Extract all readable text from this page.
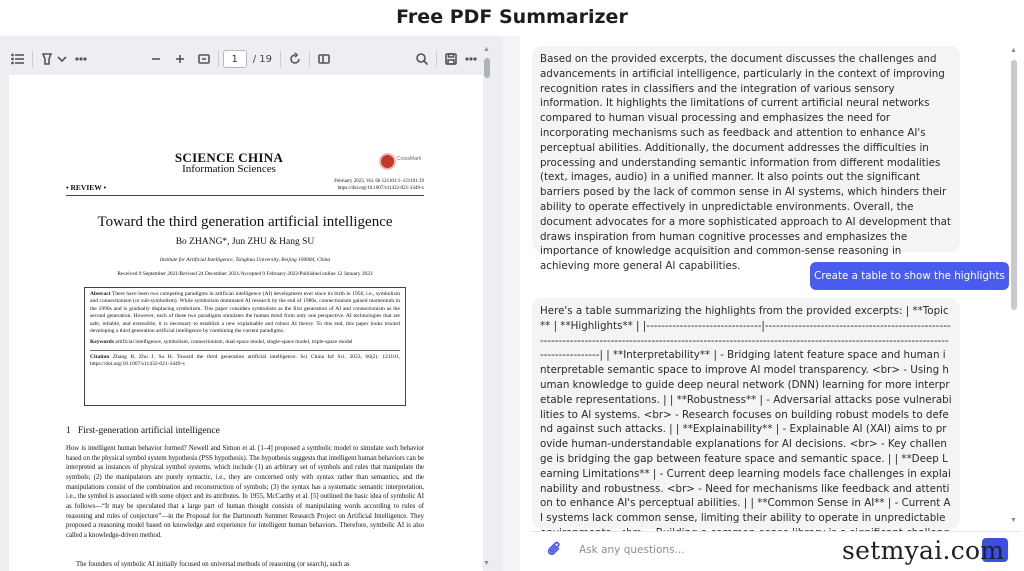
Free PDF Summarizer
1	/ 19
SCIENCE CHINA
Information Sciences
CrossMark
• REVIEW •
February 2023, Vol. 66 121101:1–121101:19
https://doi.org/10.1007/s11432-021-3449-x
Toward the third generation artificial intelligence
Bo ZHANG*, Jun ZHU & Hang SU
Institute for Artificial Intelligence, Tsinghua University, Beijing 100084, China
Received 9 September 2021/Revised 24 December 2021/Accepted 9 February 2022/Published online 12 January 2023
Abstract There have been two competing paradigms in artificial intelligence (AI) development ever since its birth in 1956, i.e., symbolism and connectionism (or sub-symbolism). While symbolism dominated AI research by the end of 1980s, connectionism gained momentum in the 1990s and is gradually displacing symbolism. This paper considers symbolism as the first generation of AI and connectionism as the second generation. However, each of these two paradigms simulates the human mind from only one perspective. AI technologies that are safe, reliable, and extensible, it is necessary to establish a new explainable and robust AI theory. To this end, this paper looks toward developing a third generation artificial intelligence by combining the current paradigms.
Keywords artificial intelligence, symbolism, connectionism, dual-space model, single-space model, triple-space model
Citation Zhang B, Zhu J, Su H. Toward the third generation artificial intelligence. Sci China Inf Sci, 2023, 66(2): 121101, https://doi.org/10.1007/s11432-021-3449-x
1   First-generation artificial intelligence
How is intelligent human behavior formed? Newell and Simon et al. [1–4] proposed a symbolic model to simulate such behavior based on the physical symbol system hypothesis (PSS hypothesis). The hypothesis suggests that intelligent human behaviors can be interpreted as instances of physical symbol systems, which include (1) an arbitrary set of symbols and rules that manipulate the symbols; (2) the manipulators are purely syntactic, i.e., they are concerned only with syntax rather than semantics, and the manipulations consist of the combination and reconstruction of symbols; (3) the syntax has a systematic semantic interpretation, i.e., the symbol is associated with some object and its attributes. In 1955, McCarthy et al. [5] outlined the basic idea of symbolic AI as follows—“It may be speculated that a large part of human thought consists of manipulating words according to rules of reasoning and rules of conjecture”—in the Proposal for the Dartmouth Summer Research Project on Artificial Intelligence. They proposed a reasoning model based on knowledge and experience for intelligent human behaviors. Therefore, symbolic AI is also called a knowledge-driven method.
The founders of symbolic AI initially focused on universal methods of reasoning (or search), such as
▲
▼
Based on the provided excerpts, the document discusses the challenges and advancements in artificial intelligence, particularly in the context of improving recognition rates in classifiers and the integration of various sensory information. It highlights the limitations of current artificial neural networks compared to human visual processing and emphasizes the need for incorporating mechanisms such as feedback and attention to enhance AI's perceptual abilities. Additionally, the document addresses the difficulties in processing and understanding semantic information from different modalities (text, images, audio) in a unified manner. It also points out the significant barriers posed by the lack of common sense in AI systems, which hinders their ability to operate effectively in unpredictable environments. Overall, the document advocates for a more sophisticated approach to AI development that draws inspiration from human cognitive processes and emphasizes the importance of knowledge acquisition and common-sense reasoning in achieving more general AI capabilities.
Create a table to show the highlights
Here's a table summarizing the highlights from the provided excerpts: | **Topic** | **Highlights** | |-------------------------------|--------------------------------------------------------------------------------------------------------------------------------------------------------------------------------| | **Interpretability** | - Bridging latent feature space and human interpretable semantic space to improve AI model transparency. <br> - Using human knowledge to guide deep neural network (DNN) learning for more interpretable representations. | | **Robustness** | - Adversarial attacks pose vulnerabilities to AI systems. <br> - Research focuses on building robust models to defend against such attacks. | | **Explainability** | - Explainable AI (XAI) aims to provide human-understandable explanations for AI decisions. <br> - Key challenge is bridging the gap between feature space and semantic space. | | **Deep Learning Limitations** | - Current deep learning models face challenges in explainability and robustness. <br> - Need for mechanisms like feedback and attention to enhance AI's perceptual abilities. | | **Common Sense in AI** | - Current AI systems lack common sense, limiting their ability to operate in unpredictable
▲
▼
Ask any questions...
setmyai.com
